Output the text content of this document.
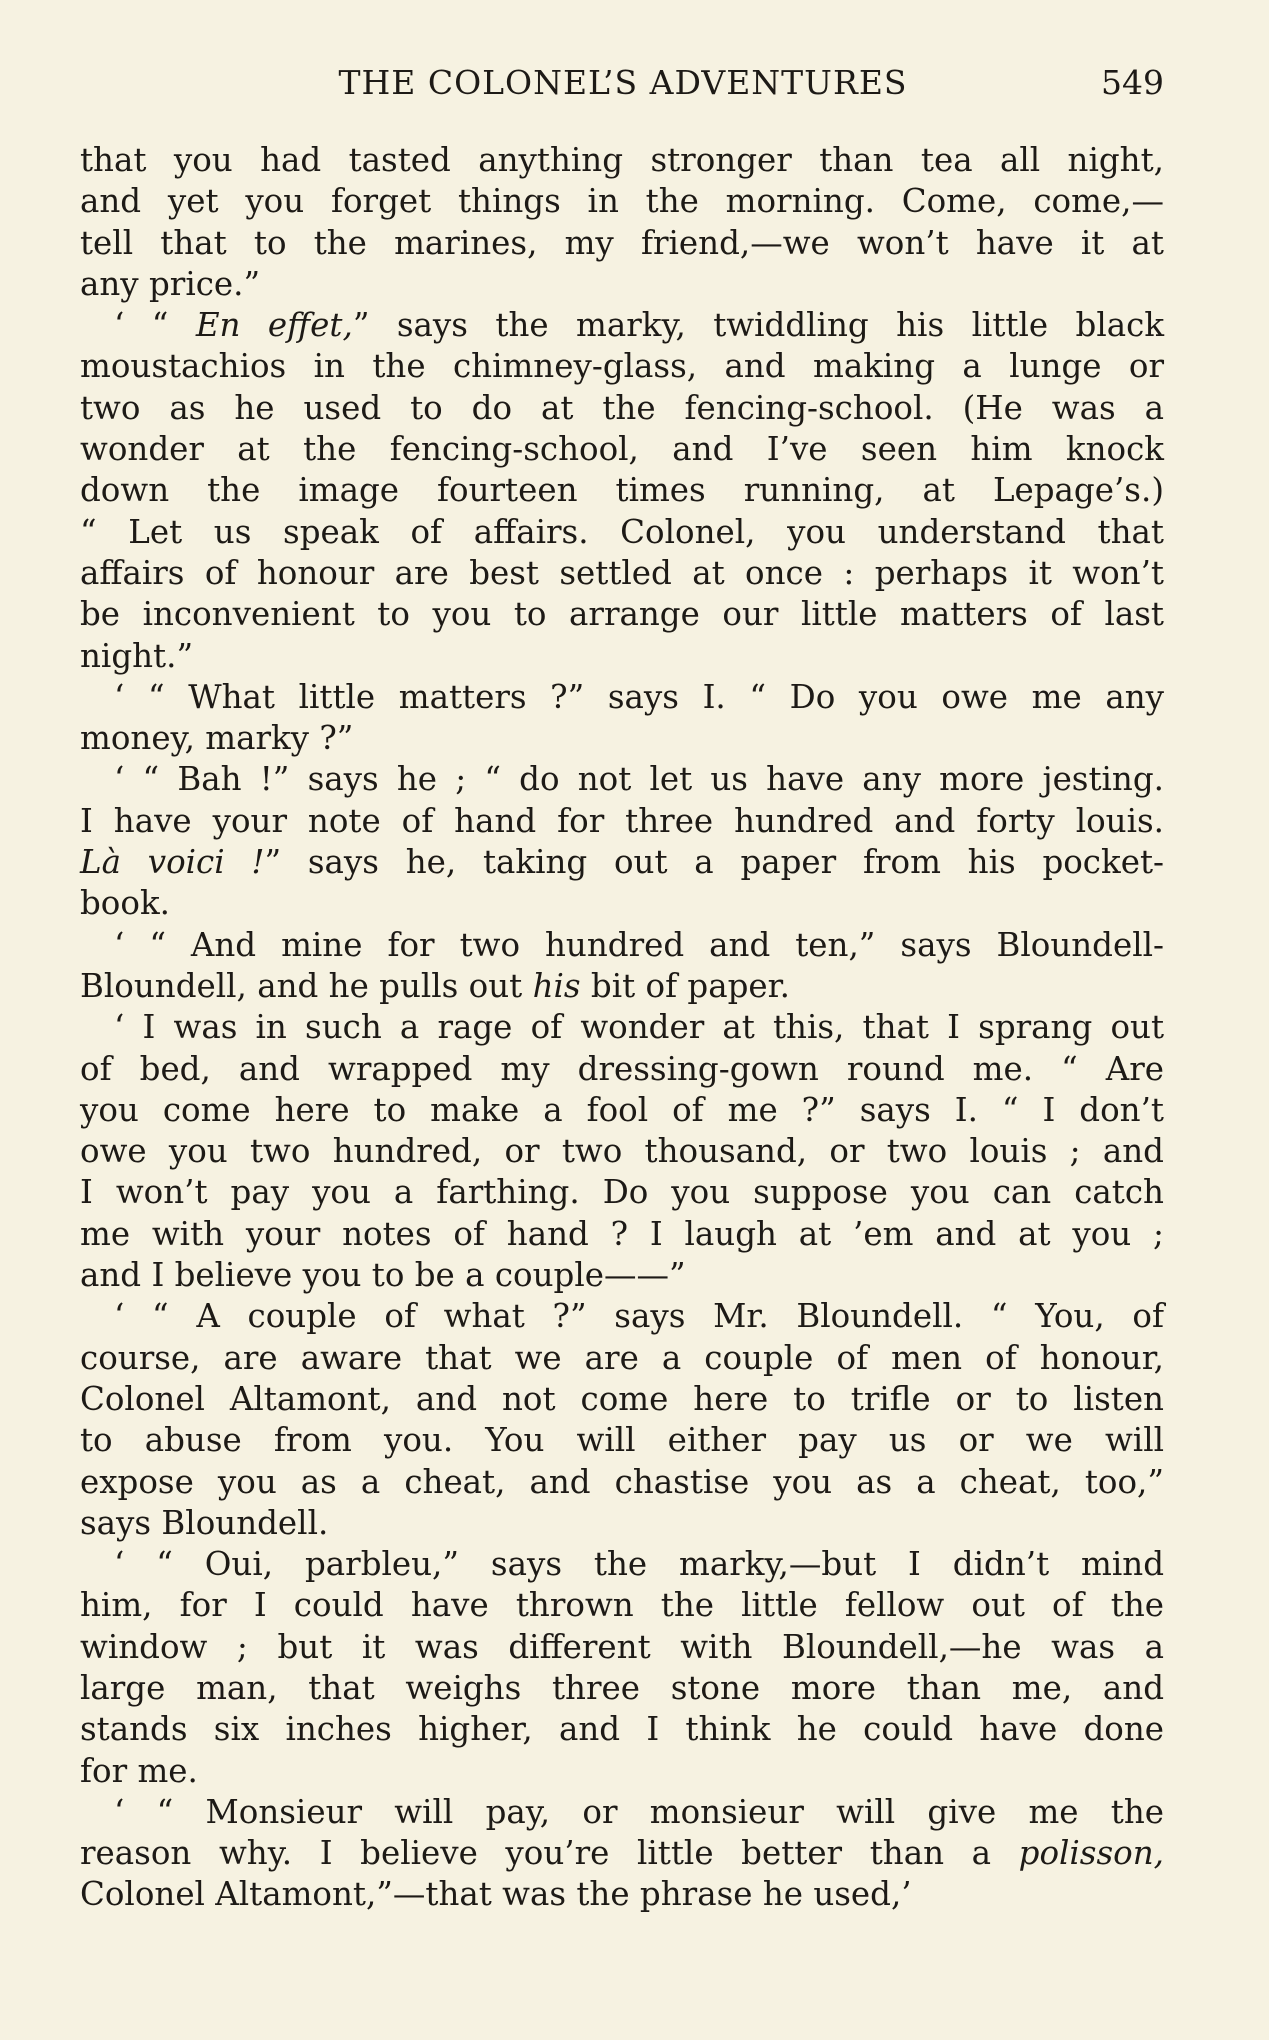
THE COLONEL’S ADVENTURES	549
that you had tasted anything stronger than tea all night,
and yet you forget things in the morning. Come, come,—
tell that to the marines, my friend,—we won’t have it at
any price.”
‘ “ En effet,” says the marky, twiddling his little black
moustachios in the chimney-glass, and making a lunge or
two as he used to do at the fencing-school. (He was a
wonder at the fencing-school, and I’ve seen him knock
down the image fourteen times running, at Lepage’s.)
“ Let us speak of affairs. Colonel, you understand that
affairs of honour are best settled at once : perhaps it won’t
be inconvenient to you to arrange our little matters of last
night.”
‘ “ What little matters ?” says I. “ Do you owe me any
money, marky ?”
‘ “ Bah !” says he ; “ do not let us have any more jesting.
I have your note of hand for three hundred and forty louis.
Là voici !” says he, taking out a paper from his pocket-
book.
‘ “ And mine for two hundred and ten,” says Bloundell-
Bloundell, and he pulls out his bit of paper.
‘ I was in such a rage of wonder at this, that I sprang out
of bed, and wrapped my dressing-gown round me. “ Are
you come here to make a fool of me ?” says I. “ I don’t
owe you two hundred, or two thousand, or two louis ; and
I won’t pay you a farthing. Do you suppose you can catch
me with your notes of hand ? I laugh at ’em and at you ;
and I believe you to be a couple——”
‘ “ A couple of what ?” says Mr. Bloundell. “ You, of
course, are aware that we are a couple of men of honour,
Colonel Altamont, and not come here to trifle or to listen
to abuse from you. You will either pay us or we will
expose you as a cheat, and chastise you as a cheat, too,”
says Bloundell.
‘ “ Oui, parbleu,” says the marky,—but I didn’t mind
him, for I could have thrown the little fellow out of the
window ; but it was different with Bloundell,—he was a
large man, that weighs three stone more than me, and
stands six inches higher, and I think he could have done
for me.
‘ “ Monsieur will pay, or monsieur will give me the
reason why. I believe you’re little better than a polisson,
Colonel Altamont,”—that was the phrase he used,’
